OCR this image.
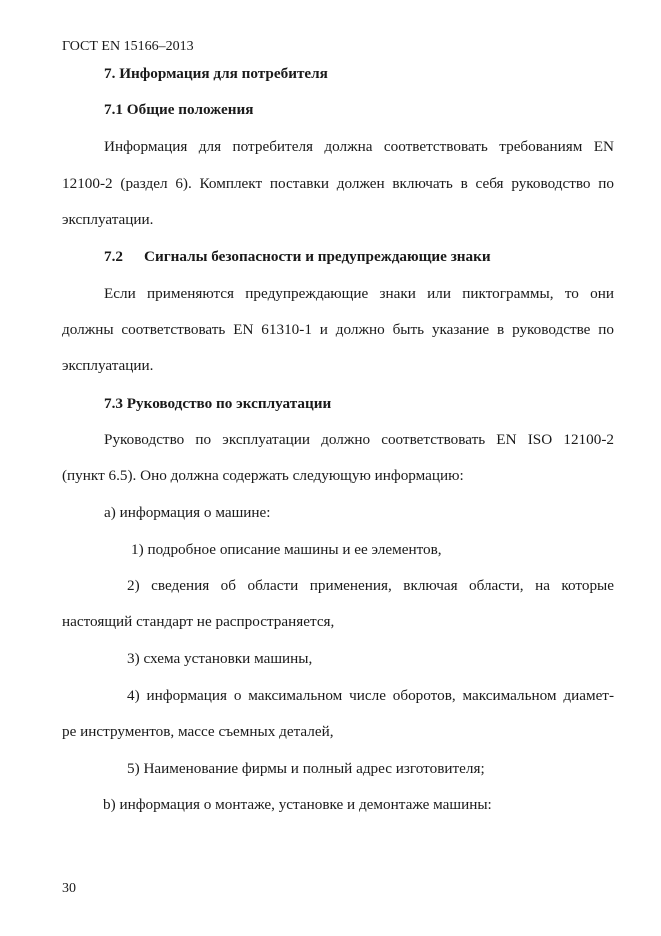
ГОСТ EN 15166–2013
7. Информация для потребителя
7.1 Общие положения
Информация для потребителя должна соответствовать требованиям EN
12100-2 (раздел 6). Комплект поставки должен включать в себя руководство по
эксплуатации.
7.2 Сигналы безопасности и предупреждающие знаки
Если применяются предупреждающие знаки или пиктограммы, то они
должны соответствовать EN 61310-1 и должно быть указание в руководстве по
эксплуатации.
7.3 Руководство по эксплуатации
Руководство по эксплуатации должно соответствовать EN ISO 12100-2
(пункт 6.5). Оно должна содержать следующую информацию:
а) информация о машине:
1) подробное описание машины и ее элементов,
2) сведения об области применения, включая области, на которые
настоящий стандарт не распространяется,
3) схема установки машины,
4) информация о максимальном числе оборотов, максимальном диамет-
ре инструментов, массе съемных деталей,
5) Наименование фирмы и полный адрес изготовителя;
b) информация о монтаже, установке и демонтаже машины:
30
